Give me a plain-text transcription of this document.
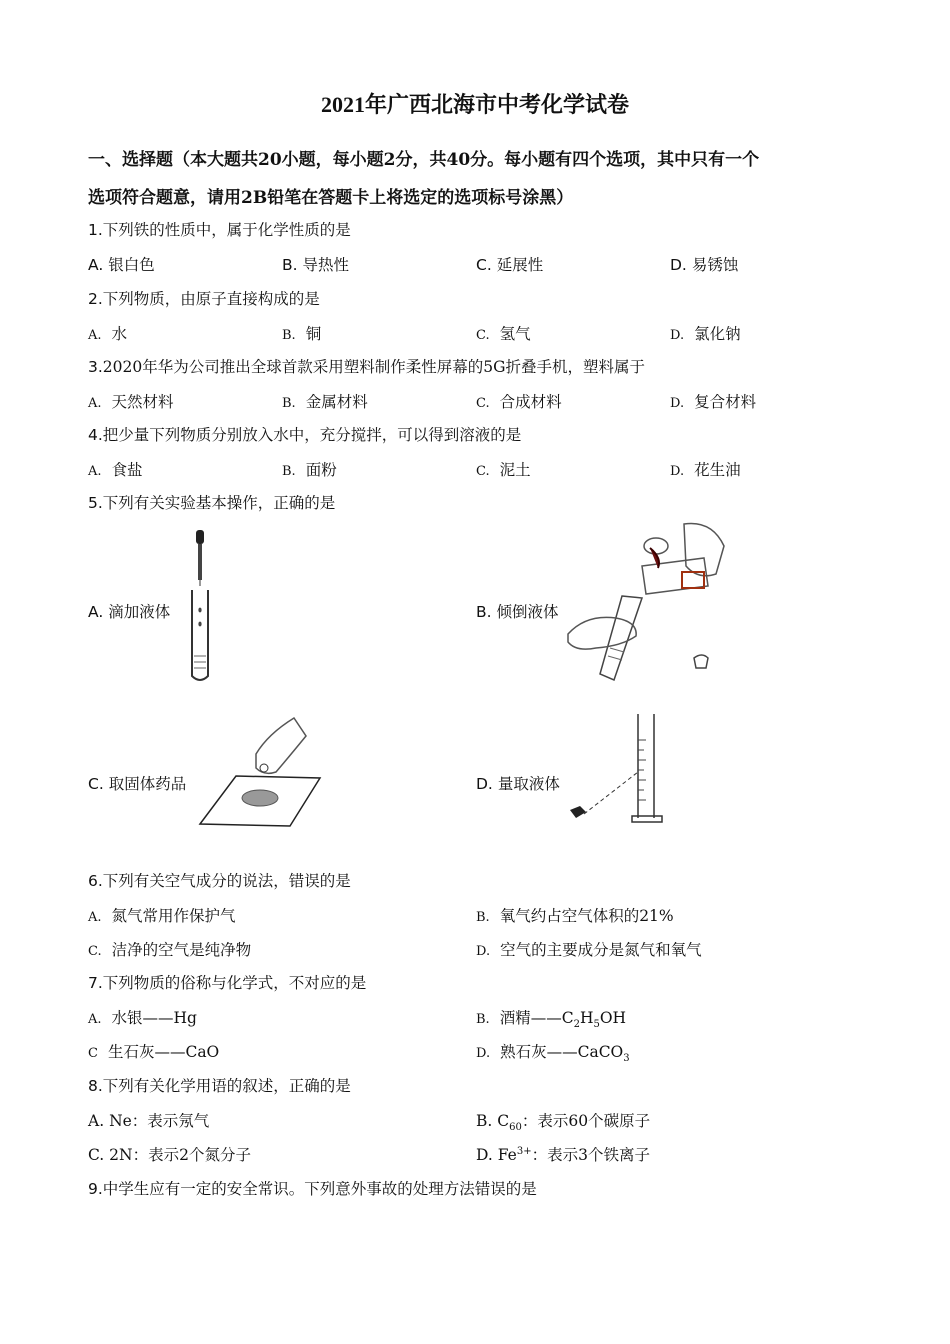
2021年广西北海市中考化学试卷
一、选择题（本大题共20小题，每小题2分，共40分。每小题有四个选项，其中只有一个
选项符合题意，请用2B铅笔在答题卡上将选定的选项标号涂黑）
1.下列铁的性质中，属于化学性质的是
A. 银白色	B. 导热性	C. 延展性	D. 易锈蚀
2.下列物质，由原子直接构成的是
A. 水	B. 铜	C. 氢气	D. 氯化钠
3.2020年华为公司推出全球首款采用塑料制作柔性屏幕的5G折叠手机，塑料属于
A. 天然材料	B. 金属材料	C. 合成材料	D. 复合材料
4.把少量下列物质分别放入水中，充分搅拌，可以得到溶液的是
A. 食盐	B. 面粉	C. 泥土	D. 花生油
5.下列有关实验基本操作，正确的是
A. 滴加液体	B. 倾倒液体
C. 取固体药品	D. 量取液体
6.下列有关空气成分的说法，错误的是
A. 氮气常用作保护气	B. 氧气约占空气体积的21%
C. 洁净的空气是纯净物	D. 空气的主要成分是氮气和氧气
7.下列物质的俗称与化学式，不对应的是
A. 水银——Hg	B. 酒精$——C_2H_5OH$
C 生石灰——CaO	D. 熟石灰——CaCO$_3$
8.下列有关化学用语的叙述，正确的是
A. Ne：表示氖气	B. $C_{60}$：表示60个碳原子
C. 2N：表示2个氮分子	D. $Fe^{3+}$：表示3个铁离子
9.中学生应有一定的安全常识。下列意外事故的处理方法错误的是
